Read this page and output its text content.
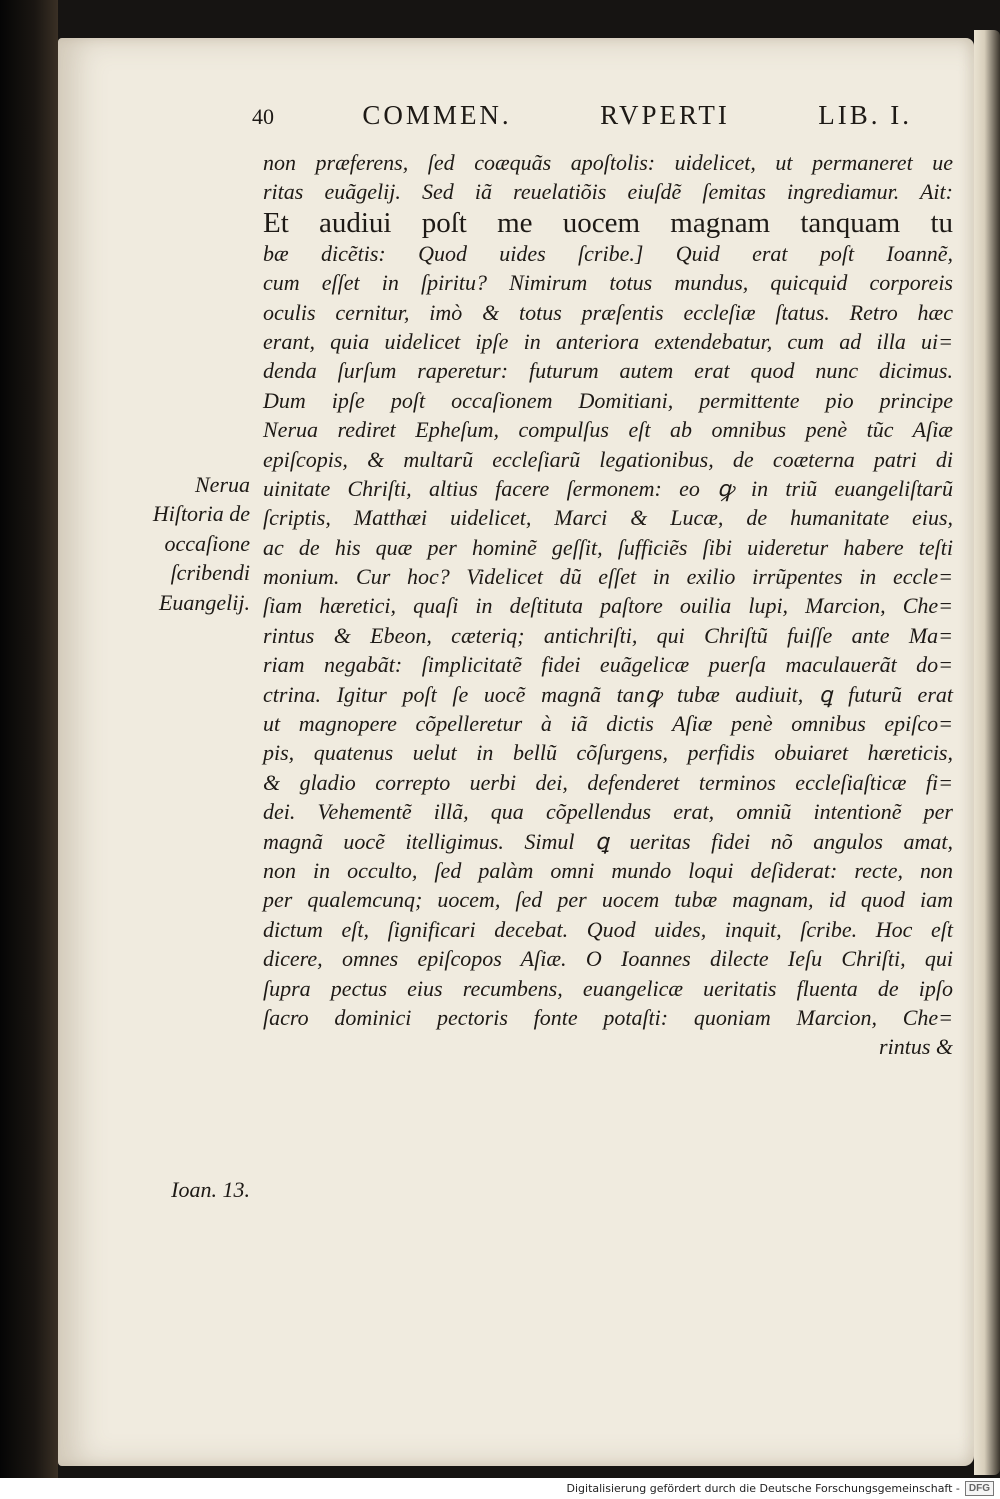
40	COMMEN.	RVPERTI	LIB. I.
non præferens, ſed coæquãs apoſtolis: uidelicet, ut permaneret ue
ritas euãgelij. Sed iã reuelatiõis eiuſdẽ ſemitas ingrediamur. Ait:
Et audiui poſt me uocem magnam tanquam tu
bæ dicẽtis: Quod uides ſcribe.] Quid erat poſt Ioannẽ,
cum eſſet in ſpiritu? Nimirum totus mundus, quicquid corporeis
oculis cernitur, imò & totus præſentis eccleſiæ ſtatus. Retro hæc
erant, quia uidelicet ipſe in anteriora extendebatur, cum ad illa ui=
denda ſurſum raperetur: futurum autem erat quod nunc dicimus.
Dum ipſe poſt occaſionem Domitiani, permittente pio principe
Nerua rediret Epheſum, compulſus eſt ab omnibus penè tũc Aſiæ
epiſcopis, & multarũ eccleſiarũ legationibus, de coæterna patri di
uinitate Chriſti, altius facere ſermonem: eo ꝙ in triũ euangeliſtarũ
ſcriptis, Matthæi uidelicet, Marci & Lucæ, de humanitate eius,
ac de his quæ per hominẽ geſſit, ſufficiẽs ſibi uideretur habere teſti
monium. Cur hoc? Videlicet dũ eſſet in exilio irrũpentes in eccle=
ſiam hæretici, quaſi in deſtituta paſtore ouilia lupi, Marcion, Che=
rintus & Ebeon, cæteriq; antichriſti, qui Chriſtũ fuiſſe ante Ma=
riam negabãt: ſimplicitatẽ fidei euãgelicæ puerſa maculauerãt do=
ctrina. Igitur poſt ſe uocẽ magnã tanꝙ tubæ audiuit, ꝗ futurũ erat
ut magnopere cõpelleretur à iã dictis Aſiæ penè omnibus epiſco=
pis, quatenus uelut in bellũ cõſurgens, perfidis obuiaret hæreticis,
& gladio correpto uerbi dei, defenderet terminos eccleſiaſticæ fi=
dei. Vehementẽ illã, qua cõpellendus erat, omniũ intentionẽ per
magnã uocẽ itelligimus. Simul ꝗ ueritas fidei nõ angulos amat,
non in occulto, ſed palàm omni mundo loqui deſiderat: recte, non
per qualemcunq; uocem, ſed per uocem tubæ magnam, id quod iam
dictum eſt, ſignificari decebat. Quod uides, inquit, ſcribe. Hoc eſt
dicere, omnes epiſcopos Aſiæ. O Ioannes dilecte Ieſu Chriſti, qui
ſupra pectus eius recumbens, euangelicæ ueritatis fluenta de ipſo
ſacro dominici pectoris fonte potaſti: quoniam Marcion, Che=
rintus &
Nerua
Hiſtoria de
occaſione
ſcribendi
Euangelij.
Ioan. 13.
Digitalisierung gefördert durch die Deutsche Forschungsgemeinschaft - DFG
